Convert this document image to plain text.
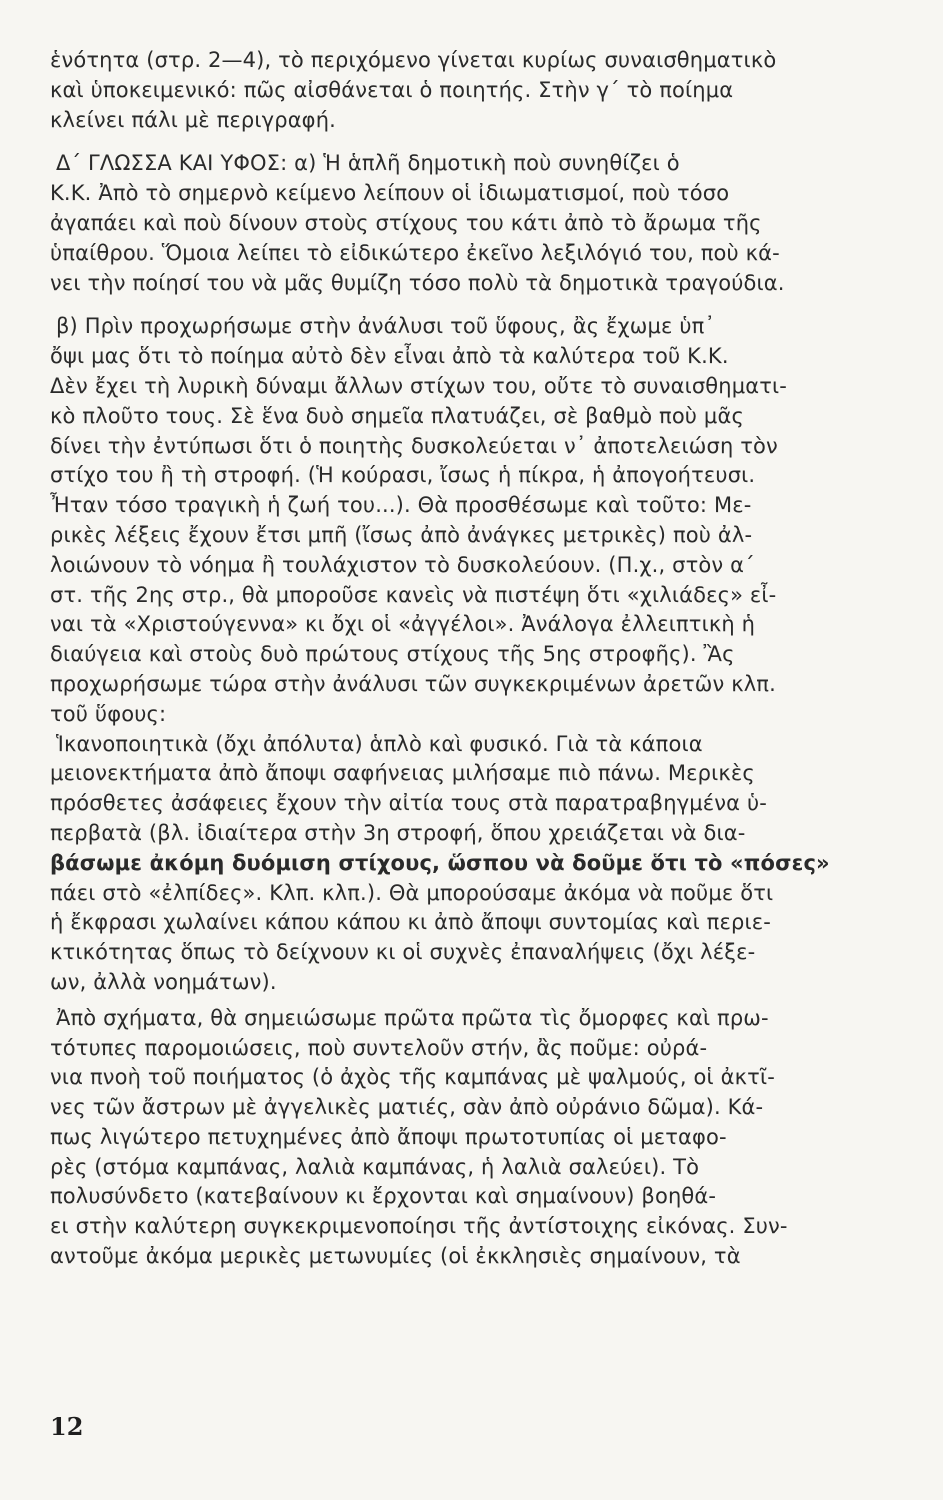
ἑνότητα (στρ. 2—4), τὸ περιχόμενο γίνεται κυρίως συναισθηματικὸ
καὶ ὑποκειμενικό: πῶς αἰσθάνεται ὁ ποιητής. Στὴν γ΄ τὸ ποίημα
κλείνει πάλι μὲ περιγραφή.
Δ΄ ΓΛΩΣΣΑ ΚΑΙ ΥΦΟΣ: α) Ἡ ἁπλῆ δημοτικὴ ποὺ συνηθίζει ὁ
Κ.Κ. Ἀπὸ τὸ σημερνὸ κείμενο λείπουν οἱ ἰδιωματισμοί, ποὺ τόσο
ἀγαπάει καὶ ποὺ δίνουν στοὺς στίχους του κάτι ἀπὸ τὸ ἄρωμα τῆς
ὑπαίθρου. Ὅμοια λείπει τὸ εἰδικώτερο ἐκεῖνο λεξιλόγιό του, ποὺ κά-
νει τὴν ποίησί του νὰ μᾶς θυμίζη τόσο πολὺ τὰ δημοτικὰ τραγούδια.
β) Πρὶν προχωρήσωμε στὴν ἀνάλυσι τοῦ ὕφους, ἂς ἔχωμε ὑπ᾽
ὄψι μας ὅτι τὸ ποίημα αὐτὸ δὲν εἶναι ἀπὸ τὰ καλύτερα τοῦ Κ.Κ.
Δὲν ἔχει τὴ λυρικὴ δύναμι ἄλλων στίχων του, οὔτε τὸ συναισθηματι-
κὸ πλοῦτο τους. Σὲ ἕνα δυὸ σημεῖα πλατυάζει, σὲ βαθμὸ ποὺ μᾶς
δίνει τὴν ἐντύπωσι ὅτι ὁ ποιητὴς δυσκολεύεται ν᾽ ἀποτελειώση τὸν
στίχο του ἢ τὴ στροφή. (Ἡ κούρασι, ἴσως ἡ πίκρα, ἡ ἀπογοήτευσι.
Ἦταν τόσο τραγικὴ ἡ ζωή του...). Θὰ προσθέσωμε καὶ τοῦτο: Με-
ρικὲς λέξεις ἔχουν ἔτσι μπῆ (ἴσως ἀπὸ ἀνάγκες μετρικὲς) ποὺ ἀλ-
λοιώνουν τὸ νόημα ἢ τουλάχιστον τὸ δυσκολεύουν. (Π.χ., στὸν α΄
στ. τῆς 2ης στρ., θὰ μποροῦσε κανεὶς νὰ πιστέψη ὅτι «χιλιάδες» εἶ-
ναι τὰ «Χριστούγεννα» κι ὄχι οἱ «ἀγγέλοι». Ἀνάλογα ἐλλειπτικὴ ἡ
διαύγεια καὶ στοὺς δυὸ πρώτους στίχους τῆς 5ης στροφῆς). Ἂς
προχωρήσωμε τώρα στὴν ἀνάλυσι τῶν συγκεκριμένων ἀρετῶν κλπ.
τοῦ ὕφους:
Ἱκανοποιητικὰ (ὄχι ἀπόλυτα) ἁπλὸ καὶ φυσικό. Γιὰ τὰ κάποια
μειονεκτήματα ἀπὸ ἄποψι σαφήνειας μιλήσαμε πιὸ πάνω. Μερικὲς
πρόσθετες ἀσάφειες ἔχουν τὴν αἰτία τους στὰ παρατραβηγμένα ὑ-
περβατὰ (βλ. ἰδιαίτερα στὴν 3η στροφή, ὅπου χρειάζεται νὰ δια-
βάσωμε ἀκόμη δυόμιση στίχους, ὥσπου νὰ δοῦμε ὅτι τὸ «πόσες»
πάει στὸ «ἐλπίδες». Κλπ. κλπ.). Θὰ μπορούσαμε ἀκόμα νὰ ποῦμε ὅτι
ἡ ἔκφρασι χωλαίνει κάπου κάπου κι ἀπὸ ἄποψι συντομίας καὶ περιε-
κτικότητας ὅπως τὸ δείχνουν κι οἱ συχνὲς ἐπαναλήψεις (ὄχι λέξε-
ων, ἀλλὰ νοημάτων).
Ἀπὸ σχήματα, θὰ σημειώσωμε πρῶτα πρῶτα τὶς ὄμορφες καὶ πρω-
τότυπες παρομοιώσεις, ποὺ συντελοῦν στήν, ἂς ποῦμε: οὐρά-
νια πνοὴ τοῦ ποιήματος (ὁ ἀχὸς τῆς καμπάνας μὲ ψαλμούς, οἱ ἀκτῖ-
νες τῶν ἄστρων μὲ ἀγγελικὲς ματιές, σὰν ἀπὸ οὐράνιο δῶμα). Κά-
πως λιγώτερο πετυχημένες ἀπὸ ἄποψι πρωτοτυπίας οἱ μεταφο-
ρὲς (στόμα καμπάνας, λαλιὰ καμπάνας, ἡ λαλιὰ σαλεύει). Τὸ
πολυσύνδετο (κατεβαίνουν κι ἔρχονται καὶ σημαίνουν) βοηθά-
ει στὴν καλύτερη συγκεκριμενοποίησι τῆς ἀντίστοιχης εἰκόνας. Συν-
αντοῦμε ἀκόμα μερικὲς μετωνυμίες (οἱ ἐκκλησιὲς σημαίνουν, τὰ
12
